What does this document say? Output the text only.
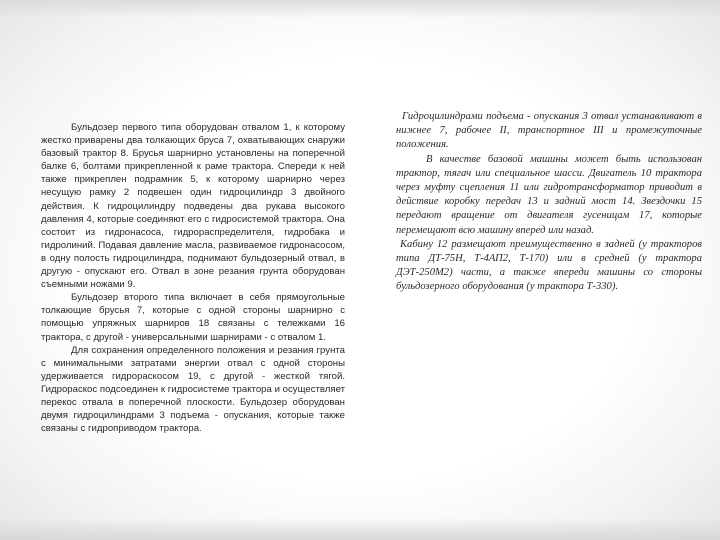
Бульдозер первого типа оборудован отвалом 1, к которому жестко приварены два толкающих бруса 7, охватывающих снаружи базовый трактор 8. Брусья шарнирно установлены на поперечной балке 6, болтами прикрепленной к раме трактора. Спереди к ней также прикреплен подрамник 5, к которому шарнирно через несущую рамку 2 подвешен один гидроцилиндр 3 двойного действия. К гидроцилиндру подведены два рукава высокого давления 4, которые соединяют его с гидросистемой трактора. Она состоит из гидронасоса, гидрораспределителя, гидробака и гидролиний. Подавая давление масла, развиваемое гидронасосом, в одну полость гидроцилиндра, поднимают бульдозерный отвал, в другую - опускают его. Отвал в зоне резания грунта оборудован съемными ножами 9.

Бульдозер второго типа включает в себя прямоугольные толкающие брусья 7, которые с одной стороны шарнирно с помощью упряжных шарниров 18 связаны с тележками 16 трактора, с другой - универсальными шарнирами - с отвалом 1.

Для сохранения определенного положения и резания грунта с минимальными затратами энергии отвал с одной стороны удерживается гидрораскосом 19, с другой - жесткой тягой. Гидрораскос подсоединен к гидросистеме трактора и осуществляет перекос отвала в поперечной плоскости. Бульдозер оборудован двумя гидроцилиндрами 3 подъема - опускания, которые также связаны с гидроприводом трактора.

Гидроцилиндрами подъема - опускания 3 отвал устанавливают в нижнее 7, рабочее II, транспортное III и промежуточные положения.

В качестве базовой машины может быть использован трактор, тягач или специальное шасси. Двигатель 10 трактора через муфту сцепления 11 или гидротрансформатор приводит в действие коробку передач 13 и задний мост 14. Звездочки 15 передают вращение от двигателя гусеницам 17, которые перемещают всю машину вперед или назад.

Кабину 12 размещают преимущественно в задней (у тракторов типа ДТ-75Н, Т-4АП2, Т-170) или в средней (у трактора ДЭТ-250М2) части, а также впереди машины со стороны бульдозерного оборудования (у трактора Т-330).
